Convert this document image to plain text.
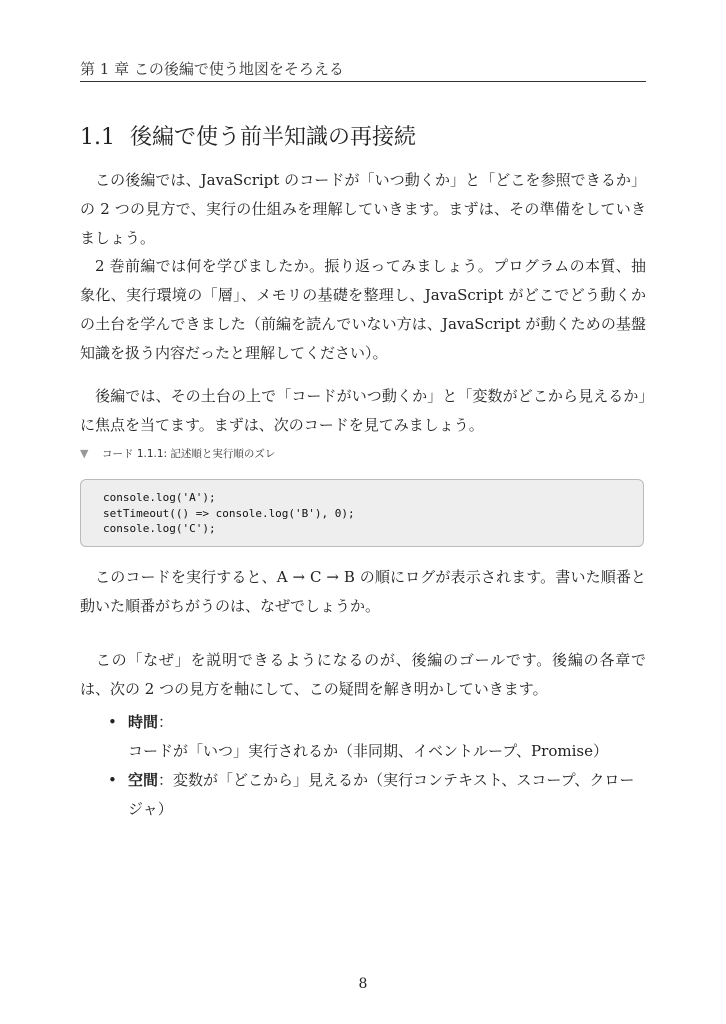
第 1 章 この後編で使う地図をそろえる
1.1 後編で使う前半知識の再接続

この後編では、JavaScript のコードが「いつ動くか」と「どこを参照できるか」の 2 つの見方で、実行の仕組みを理解していきます。まずは、その準備をしていきましょう。

2 巻前編では何を学びましたか。振り返ってみましょう。プログラムの本質、抽象化、実行環境の「層」、メモリの基礎を整理し、JavaScript がどこでどう動くかの土台を学んできました（前編を読んでいない方は、JavaScript が動くための基盤知識を扱う内容だったと理解してください）。

後編では、その土台の上で「コードがいつ動くか」と「変数がどこから見えるか」に焦点を当てます。まずは、次のコードを見てみましょう。

▼ コード 1.1.1: 記述順と実行順のズレ
console.log('A');
setTimeout(() => console.log('B'), 0);
console.log('C');

このコードを実行すると、A → C → B の順にログが表示されます。書いた順番と動いた順番がちがうのは、なぜでしょうか。

この「なぜ」を説明できるようになるのが、後編のゴールです。後編の各章では、次の 2 つの見方を軸にして、この疑問を解き明かしていきます。

• 時間：コードが「いつ」実行されるか（非同期、イベントループ、Promise）
• 空間：変数が「どこから」見えるか（実行コンテキスト、スコープ、クロージャ）
8
